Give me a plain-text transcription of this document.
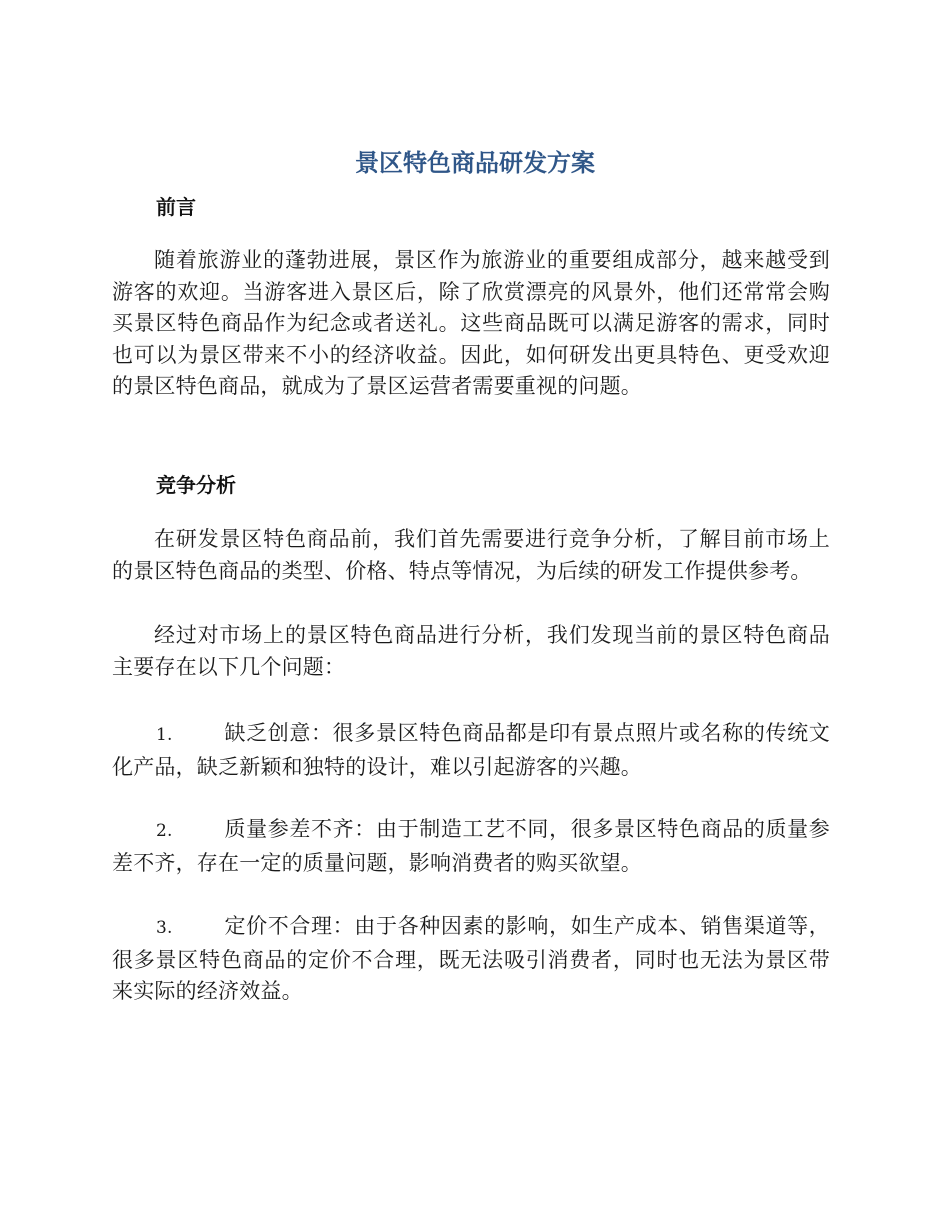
景区特色商品研发方案
前言

随着旅游业的蓬勃进展，景区作为旅游业的重要组成部分，越来越受到游客的欢迎。当游客进入景区后，除了欣赏漂亮的风景外，他们还常常会购买景区特色商品作为纪念或者送礼。这些商品既可以满足游客的需求，同时也可以为景区带来不小的经济收益。因此，如何研发出更具特色、更受欢迎的景区特色商品，就成为了景区运营者需要重视的问题。

竞争分析

在研发景区特色商品前，我们首先需要进行竞争分析，了解目前市场上的景区特色商品的类型、价格、特点等情况，为后续的研发工作提供参考。

经过对市场上的景区特色商品进行分析，我们发现当前的景区特色商品主要存在以下几个问题：

1. 缺乏创意：很多景区特色商品都是印有景点照片或名称的传统文化产品，缺乏新颖和独特的设计，难以引起游客的兴趣。

2. 质量参差不齐：由于制造工艺不同，很多景区特色商品的质量参差不齐，存在一定的质量问题，影响消费者的购买欲望。

3. 定价不合理：由于各种因素的影响，如生产成本、销售渠道等，很多景区特色商品的定价不合理，既无法吸引消费者，同时也无法为景区带来实际的经济效益。
